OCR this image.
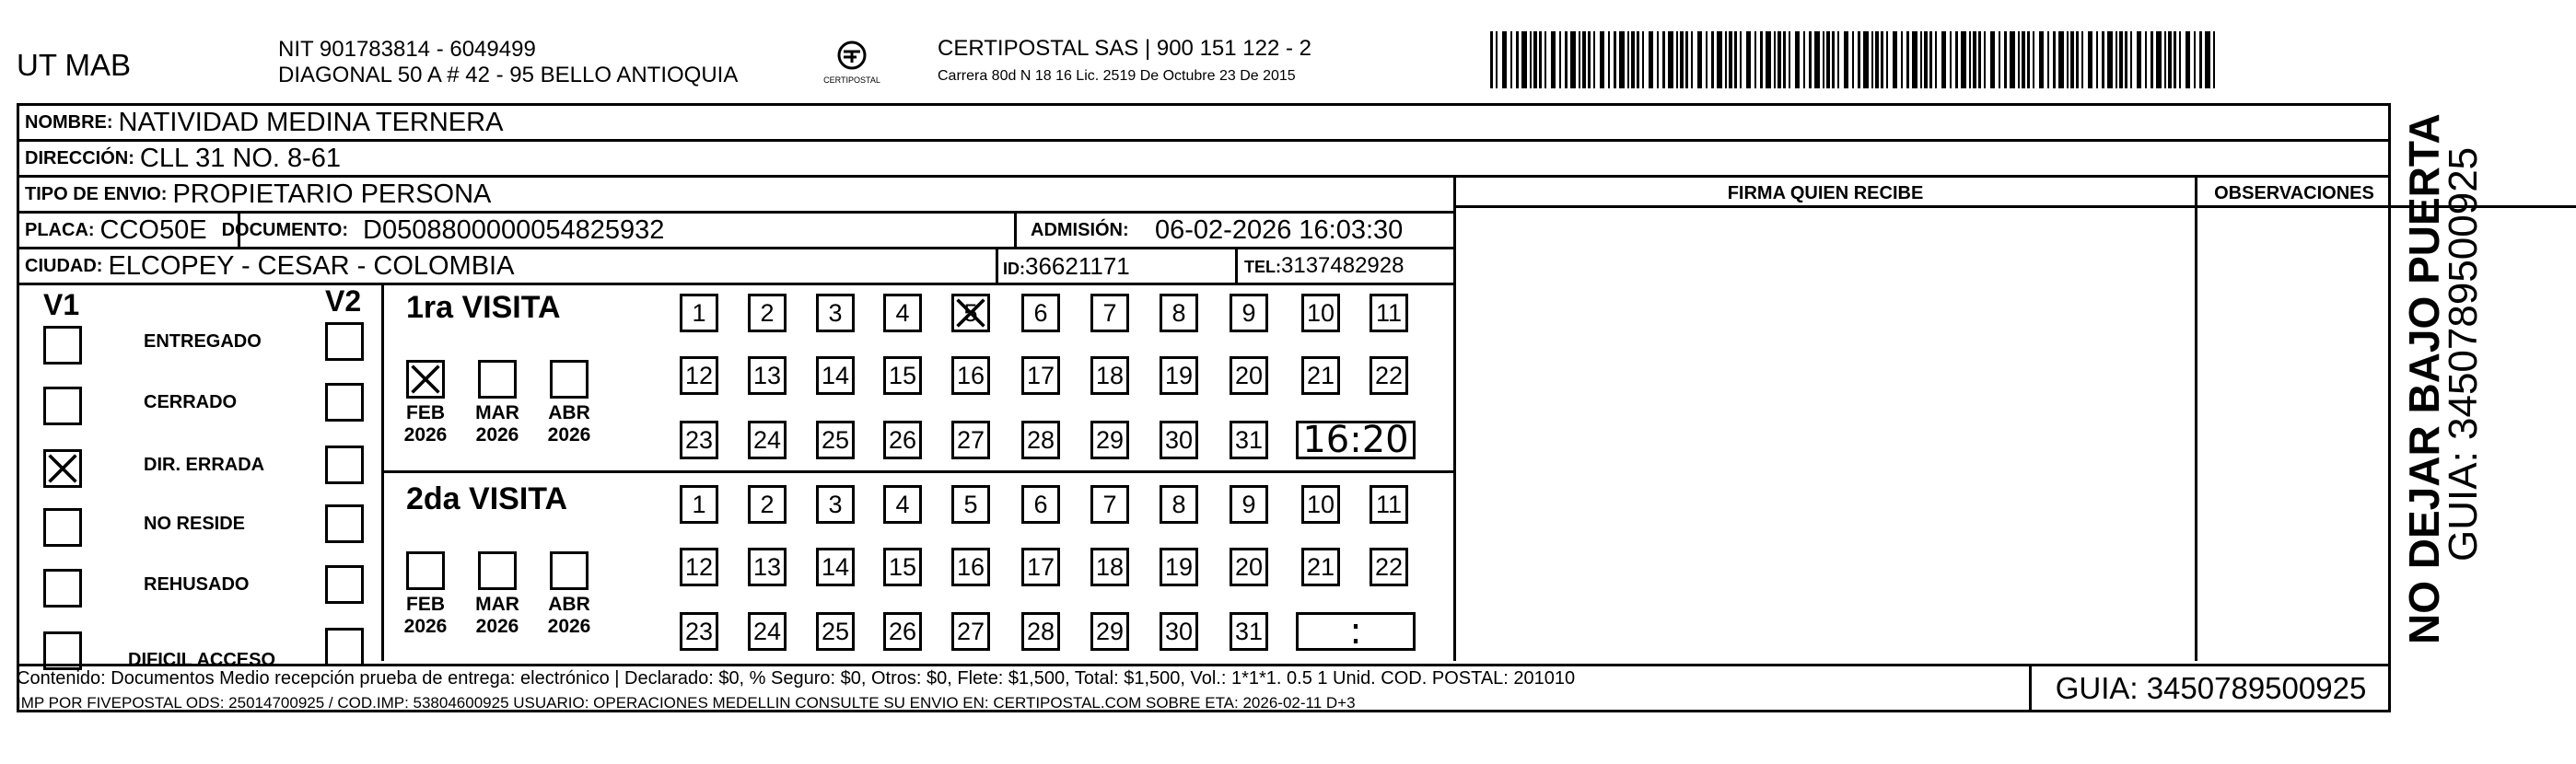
UT MAB	NIT 901783814 - 6049499
DIAGONAL 50 A # 42 - 95 BELLO ANTIOQUIA	CERTIPOSTAL
CERTIPOSTAL SAS | 900 151 122 - 2
Carrera 80d N 18 16 Lic. 2519 De Octubre 23 De 2015
NOMBRE: NATIVIDAD MEDINA TERNERA
DIRECCIÓN: CLL 31 NO. 8-61
TIPO DE ENVIO: PROPIETARIO PERSONA
PLACA: CCO50E DOCUMENTO: D0508800000054825932	ADMISIÓN: 06-02-2026 16:03:30
CIUDAD: ELCOPEY - CESAR - COLOMBIA	ID:36621171	TEL:3137482928
FIRMA QUIEN RECIBE	OBSERVACIONES
V1	V2
ENTREGADO
CERRADO
DIR. ERRADA
NO RESIDE
REHUSADO
DIFICIL ACCESO
1ra VISITA
2da VISITA
FEB
2026
MAR
2026
ABR
2026
1	2	3	4	5	6	7	8	9	10 11
12 13 14 15 16 17 18 19 20 21 22
23 24 25 26 27 28 29 30 31 16:20
FEB
2026
MAR
2026
ABR
2026
1	2	3	4	5	6	7	8	9	10 11
12 13 14 15 16 17 18 19 20 21 22
23 24 25 26 27 28 29 30 31	:
Contenido: Documentos Medio recepción prueba de entrega: electrónico | Declarado: $0, % Seguro: $0, Otros: $0, Flete: $1,500, Total: $1,500, Vol.: 1*1*1. 0.5 1 Unid. COD. POSTAL: 201010
IMP POR FIVEPOSTAL ODS: 25014700925 / COD.IMP: 53804600925 USUARIO: OPERACIONES MEDELLIN CONSULTE SU ENVIO EN: CERTIPOSTAL.COM SOBRE ETA: 2026-02-11 D+3	GUIA: 3450789500925
NO DEJAR BAJO PUERTA
GUIA: 3450789500925
